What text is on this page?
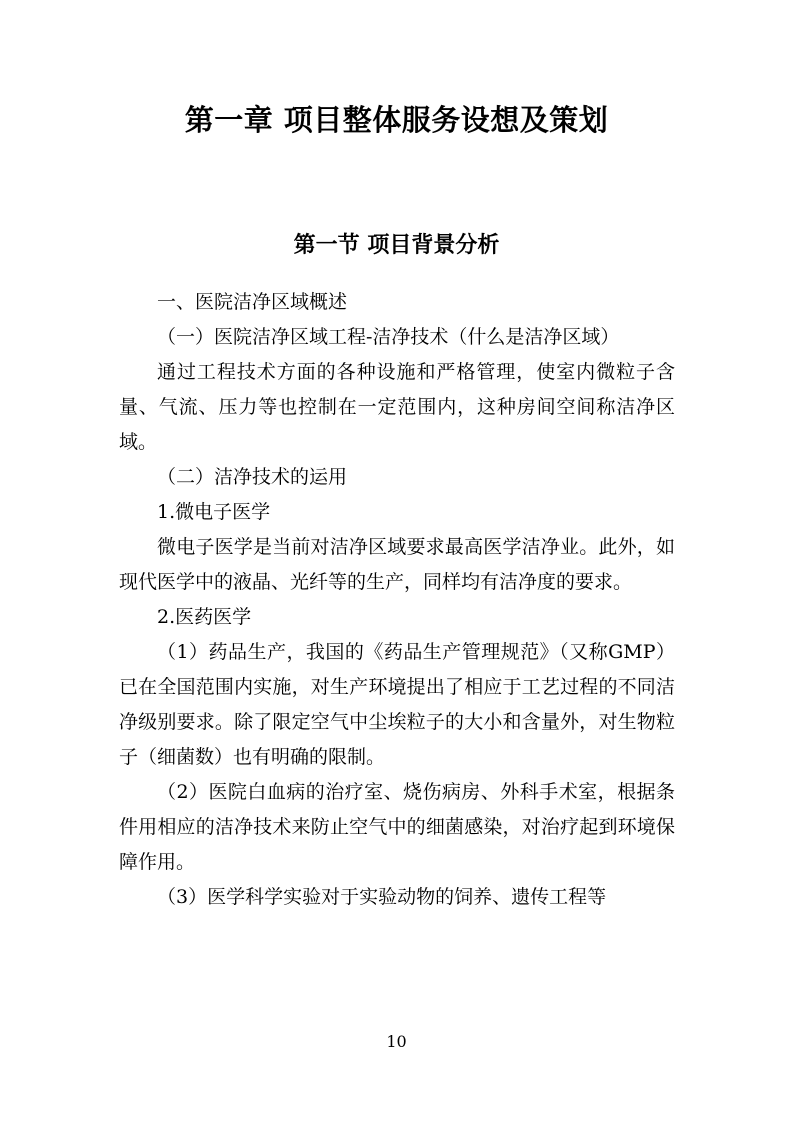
第一章 项目整体服务设想及策划
第一节 项目背景分析

一、医院洁净区域概述

（一）医院洁净区域工程-洁净技术（什么是洁净区域）

通过工程技术方面的各种设施和严格管理，使室内微粒子含量、气流、压力等也控制在一定范围内，这种房间空间称洁净区域。

（二）洁净技术的运用

1.微电子医学

微电子医学是当前对洁净区域要求最高医学洁净业。此外，如现代医学中的液晶、光纤等的生产，同样均有洁净度的要求。

2.医药医学

（1）药品生产，我国的《药品生产管理规范》（又称GMP）已在全国范围内实施，对生产环境提出了相应于工艺过程的不同洁净级别要求。除了限定空气中尘埃粒子的大小和含量外，对生物粒子（细菌数）也有明确的限制。

（2）医院白血病的治疗室、烧伤病房、外科手术室，根据条件用相应的洁净技术来防止空气中的细菌感染，对治疗起到环境保障作用。

（3）医学科学实验对于实验动物的饲养、遗传工程等

10
